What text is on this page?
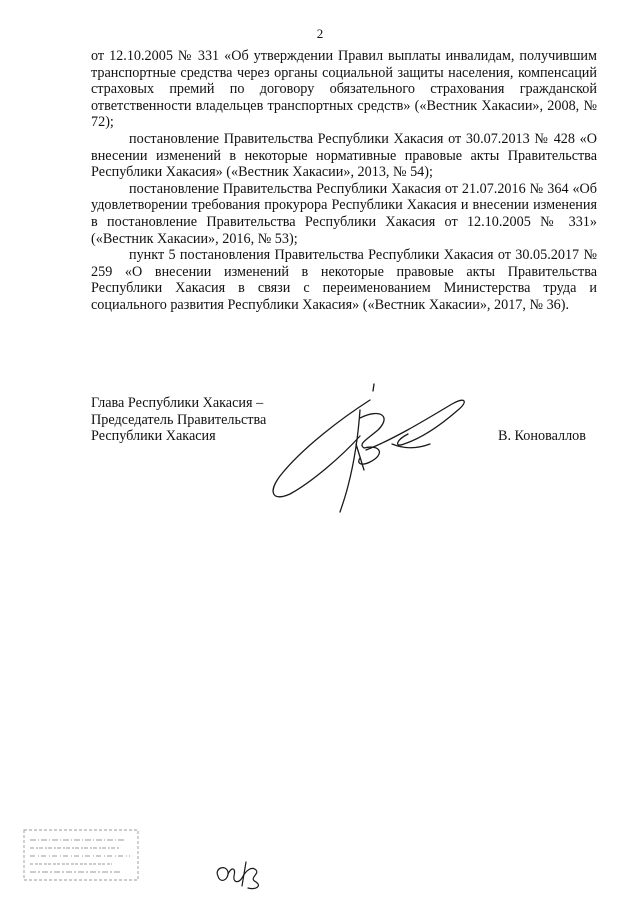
2

от 12.10.2005 № 331 «Об утверждении Правил выплаты инвалидам, получившим транспортные средства через органы социальной защиты населения, компенсаций страховых премий по договору обязательного страхования гражданской ответственности владельцев транспортных средств» («Вестник Хакасии», 2008, № 72);

постановление Правительства Республики Хакасия от 30.07.2013 № 428 «О внесении изменений в некоторые нормативные правовые акты Правительства Республики Хакасия» («Вестник Хакасии», 2013, № 54);

постановление Правительства Республики Хакасия от 21.07.2016 № 364 «Об удовлетворении требования прокурора Республики Хакасия и внесении изменения в постановление Правительства Республики Хакасия от 12.10.2005 № 331» («Вестник Хакасии», 2016, № 53);

пункт 5 постановления Правительства Республики Хакасия от 30.05.2017 № 259 «О внесении изменений в некоторые правовые акты Правительства Республики Хакасия в связи с переименованием Министерства труда и социального развития Республики Хакасия» («Вестник Хакасии», 2017, № 36).

Глава Республики Хакасия –
Председатель Правительства
Республики Хакасия	В. Коноваллов
